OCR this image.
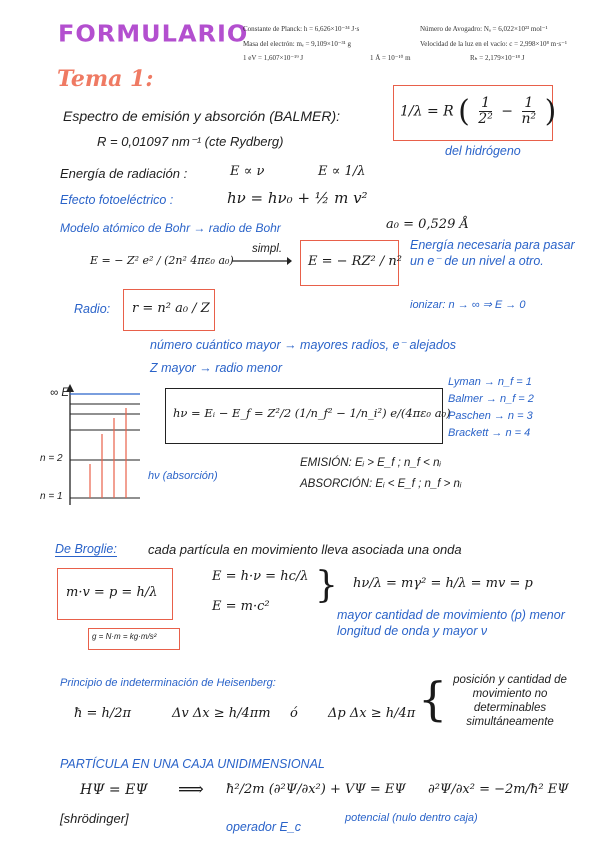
FORMULARIO
Constante de Planck: h = 6,626×10⁻³⁴ J·s	Número de Avogadro: Nₐ = 6,022×10²³ mol⁻¹
Masa del electrón: mₑ = 9,109×10⁻³¹ g	Velocidad de la luz en el vacío: c = 2,998×10⁸ m·s⁻¹
1 eV = 1,607×10⁻¹⁹ J	1 Å = 10⁻¹⁰ m	Rₕ = 2,179×10⁻¹⁸ J
Tema 1:
Espectro de emisión y absorción (BALMER):
R = 0,01097 nm⁻¹ (cte Rydberg)
1/λ = R ( $\frac{1}{\text{2²}} - \frac{1}{\text{n²}}$ )
del hidrógeno
Energía de radiación :	E ∝ ν	E ∝ 1/λ
Efecto fotoeléctrico :	hν = hν₀ + ½ m v²
Modelo atómico de Bohr → radio de Bohr	a₀ = 0,529 Å
E = − Z² e² / (2n² 4πε₀ a₀)
simpl.
E = − RZ² / n²
Energía necesaria para pasar un e⁻ de un nivel a otro.
ionizar: n → ∞ ⇒ E → 0
Radio: r = n² a₀ / Z
número cuántico mayor → mayores radios, e⁻ alejados
Z mayor → radio menor
∞ E
n = 2
n = 1
hν (absorción)
hν = Eᵢ − E_f = Z²/2 (1/n_f² − 1/n_i²) e/(4πε₀ a₀)
EMISIÓN: Eᵢ > E_f ; n_f < nᵢ
ABSORCIÓN: Eᵢ < E_f ; n_f > nᵢ
Lyman → n_f = 1
Balmer → n_f = 2
Paschen → n = 3
Brackett → n = 4
De Broglie: cada partícula en movimiento lleva asociada una onda
m·v = p = h/λ
g = N·m = kg·m/s²
E = h·ν = hc/λ
E = m·c²
} hν/λ = mγ² = h/λ = mv = p
mayor cantidad de movimiento (p) menor longitud de onda y mayor ν
Principio de indeterminación de Heisenberg:
ħ = h/2π	Δv Δx ≥ h/4πm ó Δp Δx ≥ h/4π { posición y cantidad de movimiento no determinables simultáneamente
PARTÍCULA EN UNA CAJA UNIDIMENSIONAL
HΨ = EΨ ⟹ ħ²/2m (∂²Ψ/∂x²) + VΨ = EΨ ∂²Ψ/∂x² = −2m/ħ² EΨ
[shrödinger]
operador E_c
potencial (nulo dentro caja)
